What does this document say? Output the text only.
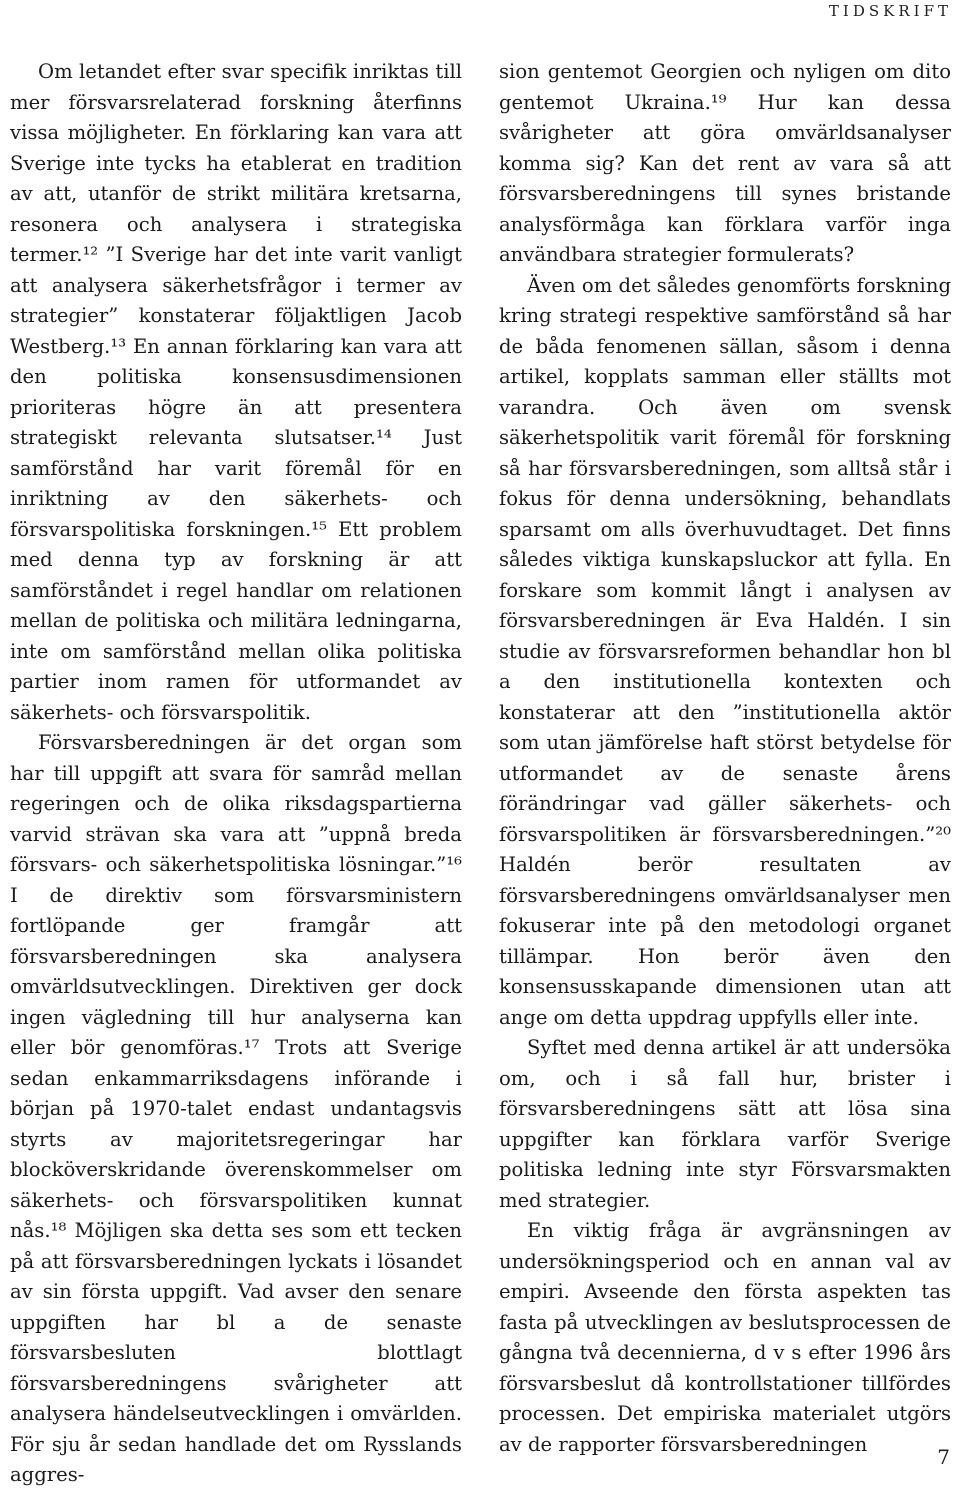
TIDSKRIFT

Om letandet efter svar specifik inriktas till mer försvarsrelaterad forskning återfinns vissa möjligheter. En förklaring kan vara att Sverige inte tycks ha etablerat en tradition av att, utanför de strikt militära kretsarna, resonera och analysera i strategiska termer.¹² ”I Sverige har det inte varit vanligt att analysera säkerhetsfrågor i termer av strategier” konstaterar följaktligen Jacob Westberg.¹³ En annan förklaring kan vara att den politiska konsensusdimensionen prioriteras högre än att presentera strategiskt relevanta slutsatser.¹⁴ Just samförstånd har varit föremål för en inriktning av den säkerhets- och försvarspolitiska forskningen.¹⁵ Ett problem med denna typ av forskning är att samförståndet i regel handlar om relationen mellan de politiska och militära ledningarna, inte om samförstånd mellan olika politiska partier inom ramen för utformandet av säkerhets- och försvarspolitik.

Försvarsberedningen är det organ som har till uppgift att svara för samråd mellan regeringen och de olika riksdagspartierna varvid strävan ska vara att ”uppnå breda försvars- och säkerhetspolitiska lösningar.”¹⁶ I de direktiv som försvarsministern fortlöpande ger framgår att försvarsberedningen ska analysera omvärldsutvecklingen. Direktiven ger dock ingen vägledning till hur analyserna kan eller bör genomföras.¹⁷ Trots att Sverige sedan enkammarriksdagens införande i början på 1970-talet endast undantagsvis styrts av majoritetsregeringar har blocköverskridande överenskommelser om säkerhets- och försvarspolitiken kunnat nås.¹⁸ Möjligen ska detta ses som ett tecken på att försvarsberedningen lyckats i lösandet av sin första uppgift. Vad avser den senare uppgiften har bl a de senaste försvarsbesluten blottlagt försvarsberedningens svårigheter att analysera händelseutvecklingen i omvärlden. För sju år sedan handlade det om Rysslands aggres-

sion gentemot Georgien och nyligen om dito gentemot Ukraina.¹⁹ Hur kan dessa svårigheter att göra omvärldsanalyser komma sig? Kan det rent av vara så att försvarsberedningens till synes bristande analysförmåga kan förklara varför inga användbara strategier formulerats?

Även om det således genomförts forskning kring strategi respektive samförstånd så har de båda fenomenen sällan, såsom i denna artikel, kopplats samman eller ställts mot varandra. Och även om svensk säkerhetspolitik varit föremål för forskning så har försvarsberedningen, som alltså står i fokus för denna undersökning, behandlats sparsamt om alls överhuvudtaget. Det finns således viktiga kunskapsluckor att fylla. En forskare som kommit långt i analysen av försvarsberedningen är Eva Haldén. I sin studie av försvarsreformen behandlar hon bl a den institutionella kontexten och konstaterar att den ”institutionella aktör som utan jämförelse haft störst betydelse för utformandet av de senaste årens förändringar vad gäller säkerhets- och försvarspolitiken är försvarsberedningen.”²⁰ Haldén berör resultaten av försvarsberedningens omvärldsanalyser men fokuserar inte på den metodologi organet tillämpar. Hon berör även den konsensusskapande dimensionen utan att ange om detta uppdrag uppfylls eller inte.

Syftet med denna artikel är att undersöka om, och i så fall hur, brister i försvarsberedningens sätt att lösa sina uppgifter kan förklara varför Sverige politiska ledning inte styr Försvarsmakten med strategier.

En viktig fråga är avgränsningen av undersökningsperiod och en annan val av empiri. Avseende den första aspekten tas fasta på utvecklingen av beslutsprocessen de gångna två decennierna, d v s efter 1996 års försvarsbeslut då kontrollstationer tillfördes processen. Det empiriska materialet utgörs av de rapporter försvarsberedningen

7
